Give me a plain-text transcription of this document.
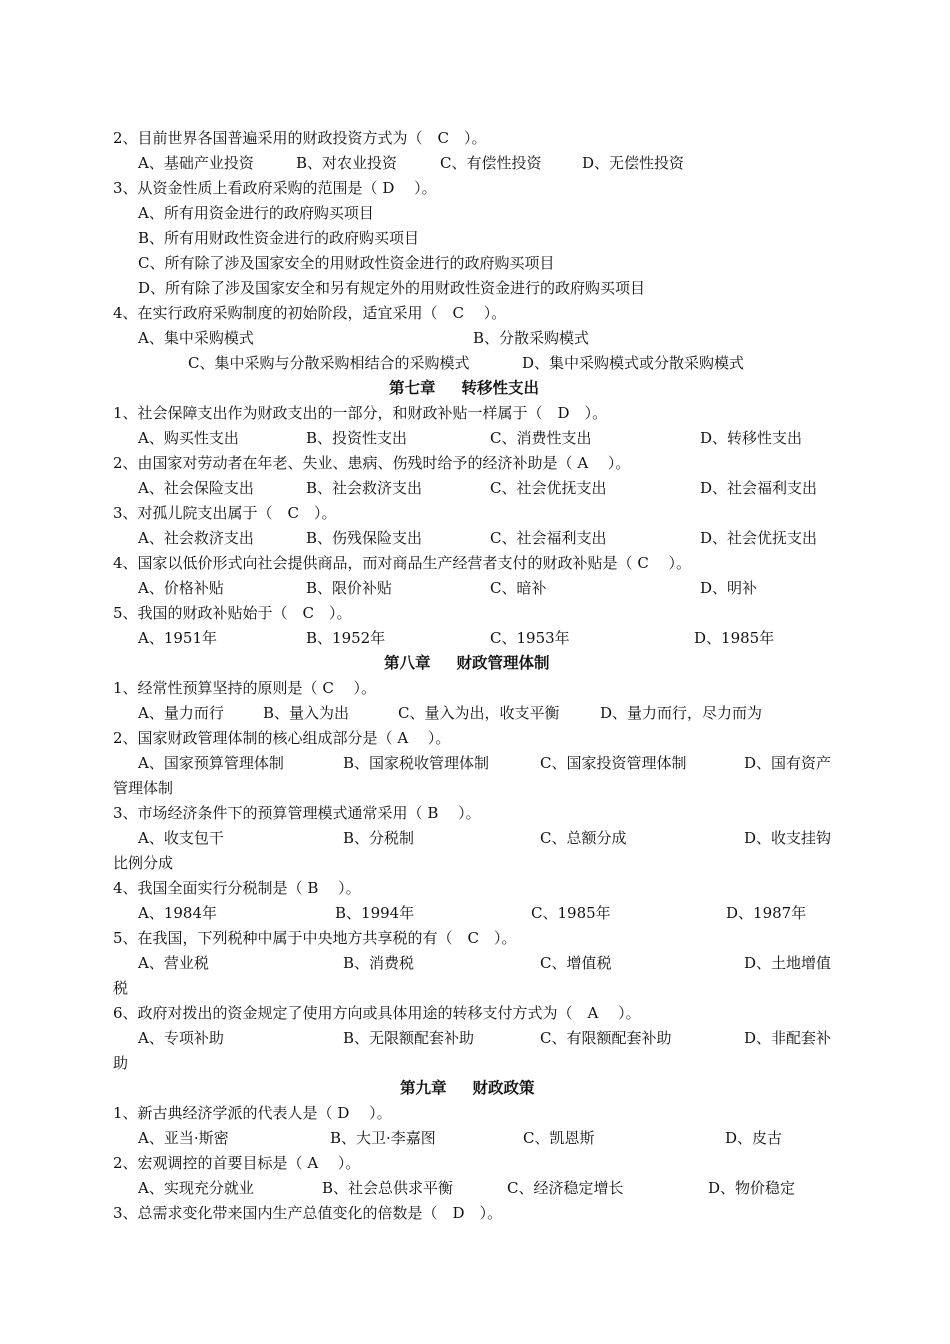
2、目前世界各国普遍采用的财政投资方式为（　C　）。
A、基础产业投资	B、对农业投资	C、有偿性投资	D、无偿性投资
3、从资金性质上看政府采购的范围是（ D　 ）。
A、所有用资金进行的政府购买项目
B、所有用财政性资金进行的政府购买项目
C、所有除了涉及国家安全的用财政性资金进行的政府购买项目
D、所有除了涉及国家安全和另有规定外的用财政性资金进行的政府购买项目
4、在实行政府采购制度的初始阶段，适宜采用（　C　 ）。
A、集中采购模式	B、分散采购模式
C、集中采购与分散采购相结合的采购模式	D、集中采购模式或分散采购模式
第七章 转移性支出
1、社会保障支出作为财政支出的一部分，和财政补贴一样属于（　D　）。
A、购买性支出	B、投资性支出	C、消费性支出	D、转移性支出
2、由国家对劳动者在年老、失业、患病、伤残时给予的经济补助是（ A　 ）。
A、社会保险支出	B、社会救济支出	C、社会优抚支出	D、社会福利支出
3、对孤儿院支出属于（　C　）。
A、社会救济支出	B、伤残保险支出	C、社会福利支出	D、社会优抚支出
4、国家以低价形式向社会提供商品，而对商品生产经营者支付的财政补贴是（ C　 ）。
A、价格补贴	B、限价补贴	C、暗补	D、明补
5、我国的财政补贴始于（　C　）。
A、1951年	B、1952年	C、1953年	D、1985年
第八章 财政管理体制
1、经常性预算坚持的原则是（ C　 ）。
A、量力而行	B、量入为出	C、量入为出，收支平衡	D、量力而行，尽力而为
2、国家财政管理体制的核心组成部分是（ A　 ）。
A、国家预算管理体制	B、国家税收管理体制	C、国家投资管理体制	D、国有资产
管理体制
3、市场经济条件下的预算管理模式通常采用（ B　 ）。
A、收支包干	B、分税制	C、总额分成	D、收支挂钩
比例分成
4、我国全面实行分税制是（ B　 ）。
A、1984年	B、1994年	C、1985年	D、1987年
5、在我国，下列税种中属于中央地方共享税的有（　C　）。
A、营业税	B、消费税	C、增值税	D、土地增值
税
6、政府对拨出的资金规定了使用方向或具体用途的转移支付方式为（　A　 ）。
A、专项补助	B、无限额配套补助	C、有限额配套补助	D、非配套补
助
第九章 财政政策
1、新古典经济学派的代表人是（ D　 ）。
A、亚当·斯密	B、大卫·李嘉图	C、凯恩斯	D、皮古
2、宏观调控的首要目标是（ A　 ）。
A、实现充分就业	B、社会总供求平衡	C、经济稳定增长	D、物价稳定
3、总需求变化带来国内生产总值变化的倍数是（　D　）。
